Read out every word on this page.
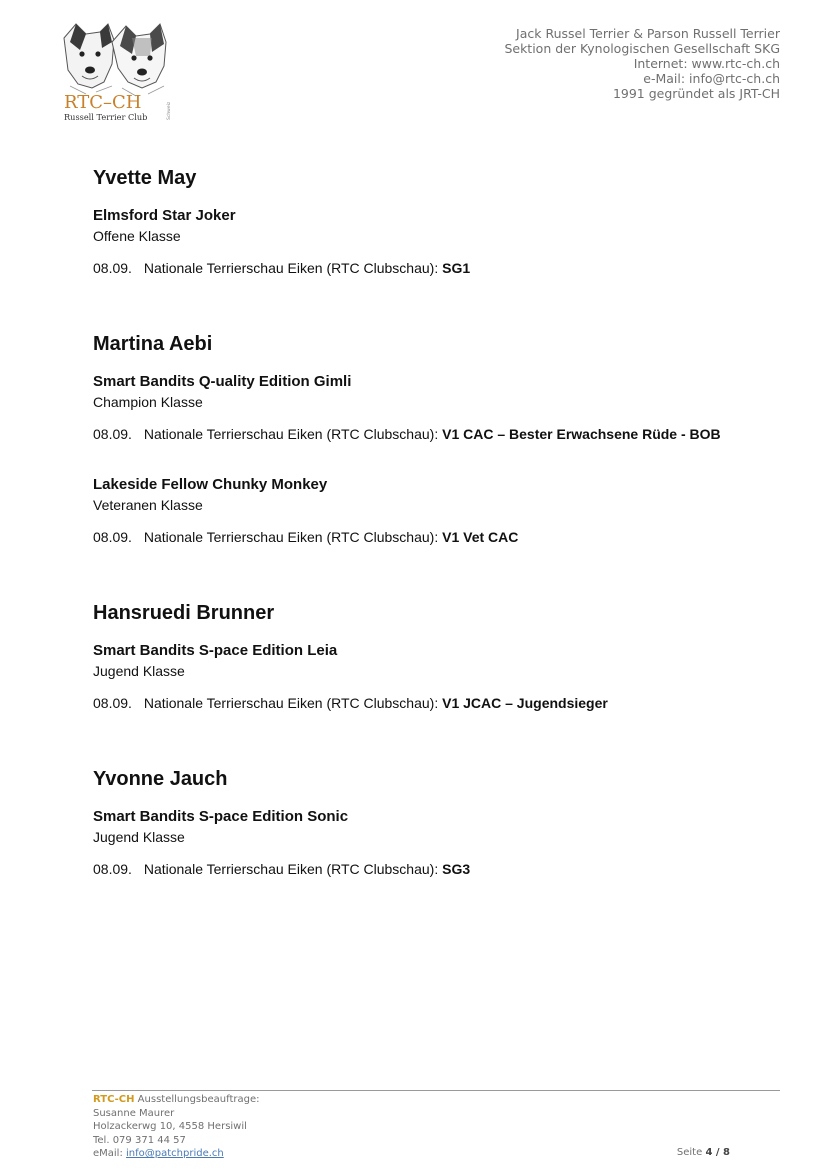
RTC–CH
Russell Terrier Club	Schweiz
Jack Russel Terrier & Parson Russell Terrier
Sektion der Kynologischen Gesellschaft SKG
Internet: www.rtc-ch.ch
e-Mail: info@rtc-ch.ch
1991 gegründet als JRT-CH
Yvette May
Elmsford Star Joker
Offene Klasse
08.09. Nationale Terrierschau Eiken (RTC Clubschau): SG1
Martina Aebi
Smart Bandits Q-uality Edition Gimli
Champion Klasse
08.09. Nationale Terrierschau Eiken (RTC Clubschau): V1 CAC – Bester Erwachsene Rüde - BOB
Lakeside Fellow Chunky Monkey
Veteranen Klasse
08.09. Nationale Terrierschau Eiken (RTC Clubschau): V1 Vet CAC
Hansruedi Brunner
Smart Bandits S-pace Edition Leia
Jugend Klasse
08.09. Nationale Terrierschau Eiken (RTC Clubschau): V1 JCAC – Jugendsieger
Yvonne Jauch
Smart Bandits S-pace Edition Sonic
Jugend Klasse
08.09. Nationale Terrierschau Eiken (RTC Clubschau): SG3
RTC-CH Ausstellungsbeauftrage:
Susanne Maurer
Holzackerwg 10, 4558 Hersiwil
Tel. 079 371 44 57
eMail: info@patchpride.ch	Seite 4 / 8
